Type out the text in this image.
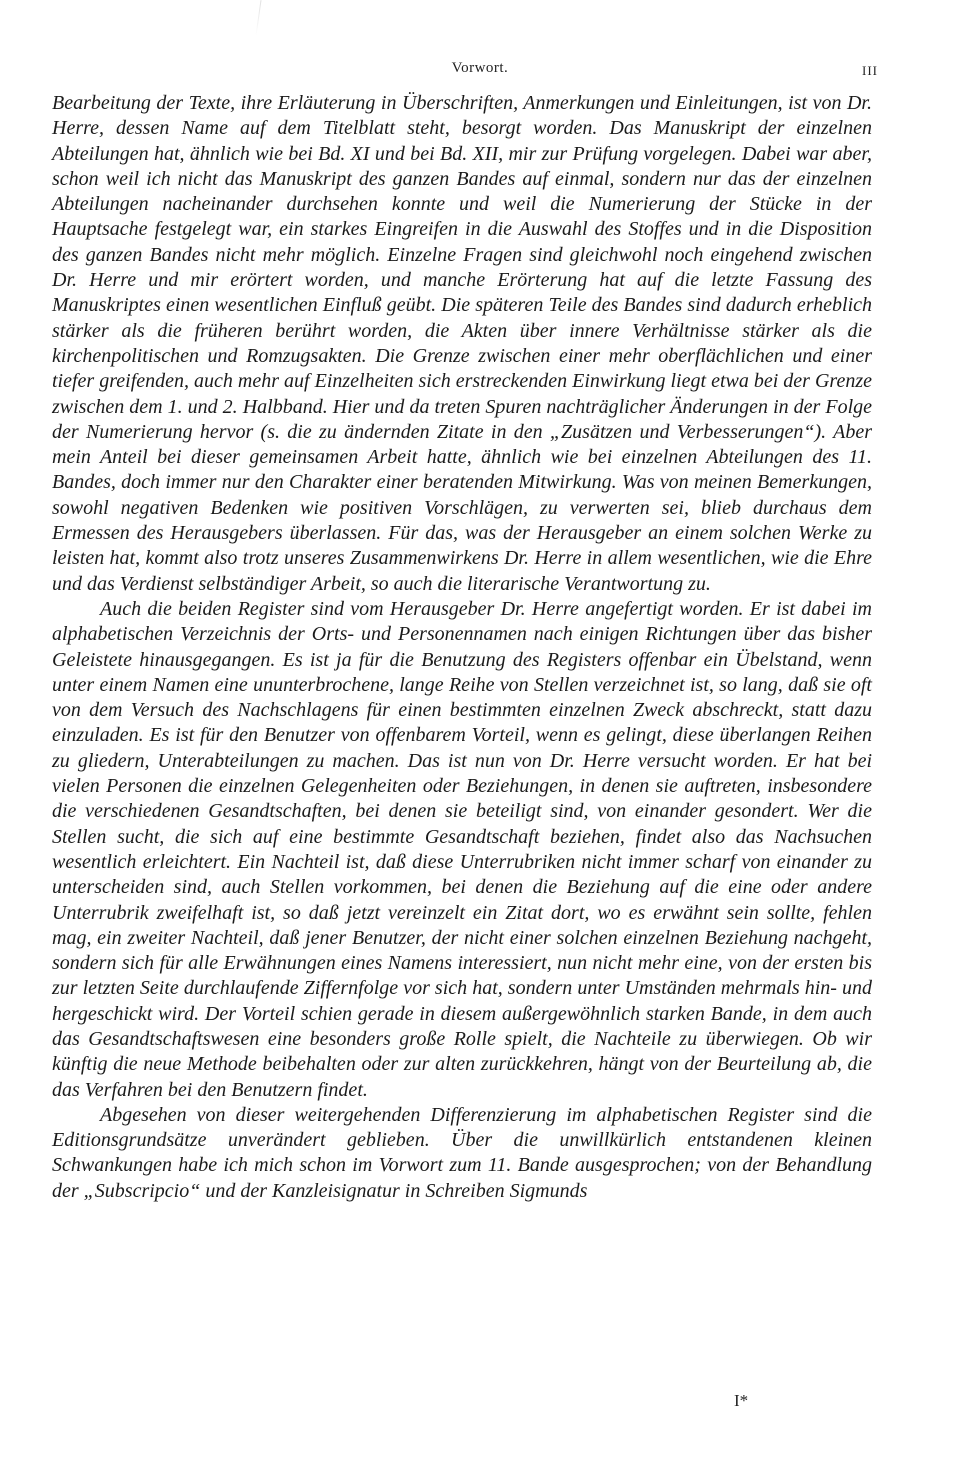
Vorwort.	III

Bearbeitung der Texte, ihre Erläuterung in Überschriften, Anmerkungen und Einleitungen, ist von Dr. Herre, dessen Name auf dem Titelblatt steht, besorgt worden. Das Manuskript der einzelnen Abteilungen hat, ähnlich wie bei Bd. XI und bei Bd. XII, mir zur Prüfung vorgelegen. Dabei war aber, schon weil ich nicht das Manuskript des ganzen Bandes auf einmal, sondern nur das der einzelnen Abteilungen nacheinander durchsehen konnte und weil die Numerierung der Stücke in der Hauptsache festgelegt war, ein starkes Eingreifen in die Auswahl des Stoffes und in die Disposition des ganzen Bandes nicht mehr möglich. Einzelne Fragen sind gleichwohl noch eingehend zwischen Dr. Herre und mir erörtert worden, und manche Erörterung hat auf die letzte Fassung des Manuskriptes einen wesentlichen Einfluß geübt. Die späteren Teile des Bandes sind dadurch erheblich stärker als die früheren berührt worden, die Akten über innere Verhältnisse stärker als die kirchenpolitischen und Romzugsakten. Die Grenze zwischen einer mehr oberflächlichen und einer tiefer greifenden, auch mehr auf Einzelheiten sich erstreckenden Einwirkung liegt etwa bei der Grenze zwischen dem 1. und 2. Halbband. Hier und da treten Spuren nachträglicher Änderungen in der Folge der Numerierung hervor (s. die zu ändernden Zitate in den „Zusätzen und Verbesserungen“). Aber mein Anteil bei dieser gemeinsamen Arbeit hatte, ähnlich wie bei einzelnen Abteilungen des 11. Bandes, doch immer nur den Charakter einer beratenden Mitwirkung. Was von meinen Bemerkungen, sowohl negativen Bedenken wie positiven Vorschlägen, zu verwerten sei, blieb durchaus dem Ermessen des Herausgebers überlassen. Für das, was der Herausgeber an einem solchen Werke zu leisten hat, kommt also trotz unseres Zusammenwirkens Dr. Herre in allem wesentlichen, wie die Ehre und das Verdienst selbständiger Arbeit, so auch die literarische Verantwortung zu.

Auch die beiden Register sind vom Herausgeber Dr. Herre angefertigt worden. Er ist dabei im alphabetischen Verzeichnis der Orts- und Personennamen nach einigen Richtungen über das bisher Geleistete hinausgegangen. Es ist ja für die Benutzung des Registers offenbar ein Übelstand, wenn unter einem Namen eine ununterbrochene, lange Reihe von Stellen verzeichnet ist, so lang, daß sie oft von dem Versuch des Nachschlagens für einen bestimmten einzelnen Zweck abschreckt, statt dazu einzuladen. Es ist für den Benutzer von offenbarem Vorteil, wenn es gelingt, diese überlangen Reihen zu gliedern, Unterabteilungen zu machen. Das ist nun von Dr. Herre versucht worden. Er hat bei vielen Personen die einzelnen Gelegenheiten oder Beziehungen, in denen sie auftreten, insbesondere die verschiedenen Gesandtschaften, bei denen sie beteiligt sind, von einander gesondert. Wer die Stellen sucht, die sich auf eine bestimmte Gesandtschaft beziehen, findet also das Nachsuchen wesentlich erleichtert. Ein Nachteil ist, daß diese Unterrubriken nicht immer scharf von einander zu unterscheiden sind, auch Stellen vorkommen, bei denen die Beziehung auf die eine oder andere Unterrubrik zweifelhaft ist, so daß jetzt vereinzelt ein Zitat dort, wo es erwähnt sein sollte, fehlen mag, ein zweiter Nachteil, daß jener Benutzer, der nicht einer solchen einzelnen Beziehung nachgeht, sondern sich für alle Erwähnungen eines Namens interessiert, nun nicht mehr eine, von der ersten bis zur letzten Seite durchlaufende Ziffernfolge vor sich hat, sondern unter Umständen mehrmals hin- und hergeschickt wird. Der Vorteil schien gerade in diesem außergewöhnlich starken Bande, in dem auch das Gesandtschaftswesen eine besonders große Rolle spielt, die Nachteile zu überwiegen. Ob wir künftig die neue Methode beibehalten oder zur alten zurückkehren, hängt von der Beurteilung ab, die das Verfahren bei den Benutzern findet.

Abgesehen von dieser weitergehenden Differenzierung im alphabetischen Register sind die Editionsgrundsätze unverändert geblieben. Über die unwillkürlich entstandenen kleinen Schwankungen habe ich mich schon im Vorwort zum 11. Bande ausgesprochen; von der Behandlung der „Subscripcio“ und der Kanzleisignatur in Schreiben Sigmunds

I*
